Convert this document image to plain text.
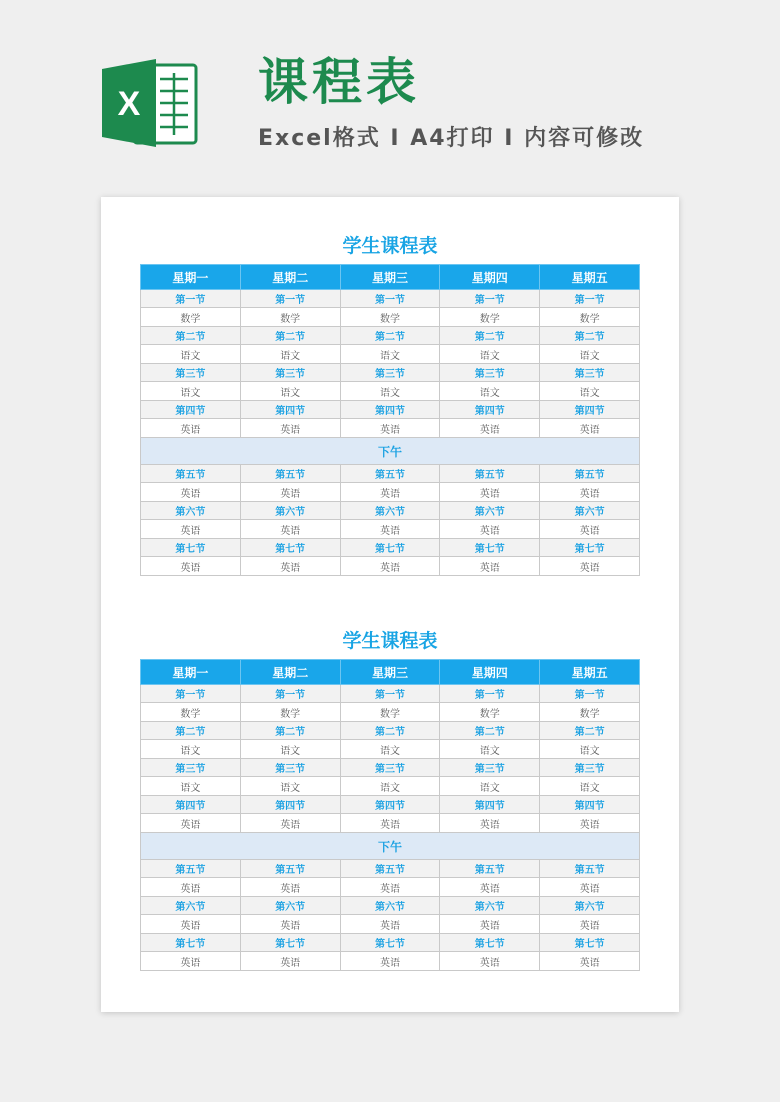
X 课程表
Excel格式 I A4打印 I 内容可修改
学生课程表
星期一	星期二	星期三	星期四	星期五
第一节	第一节	第一节	第一节	第一节
数学	数学	数学	数学	数学
第二节	第二节	第二节	第二节	第二节
语文	语文	语文	语文	语文
第三节	第三节	第三节	第三节	第三节
语文	语文	语文	语文	语文
第四节	第四节	第四节	第四节	第四节
英语	英语	英语	英语	英语
下午				
第五节	第五节	第五节	第五节	第五节
英语	英语	英语	英语	英语
第六节	第六节	第六节	第六节	第六节
英语	英语	英语	英语	英语
第七节	第七节	第七节	第七节	第七节
英语	英语	英语	英语	英语
学生课程表
星期一	星期二	星期三	星期四	星期五
第一节	第一节	第一节	第一节	第一节
数学	数学	数学	数学	数学
第二节	第二节	第二节	第二节	第二节
语文	语文	语文	语文	语文
第三节	第三节	第三节	第三节	第三节
语文	语文	语文	语文	语文
第四节	第四节	第四节	第四节	第四节
英语	英语	英语	英语	英语
下午				
第五节	第五节	第五节	第五节	第五节
英语	英语	英语	英语	英语
第六节	第六节	第六节	第六节	第六节
英语	英语	英语	英语	英语
第七节	第七节	第七节	第七节	第七节
英语	英语	英语	英语	英语
